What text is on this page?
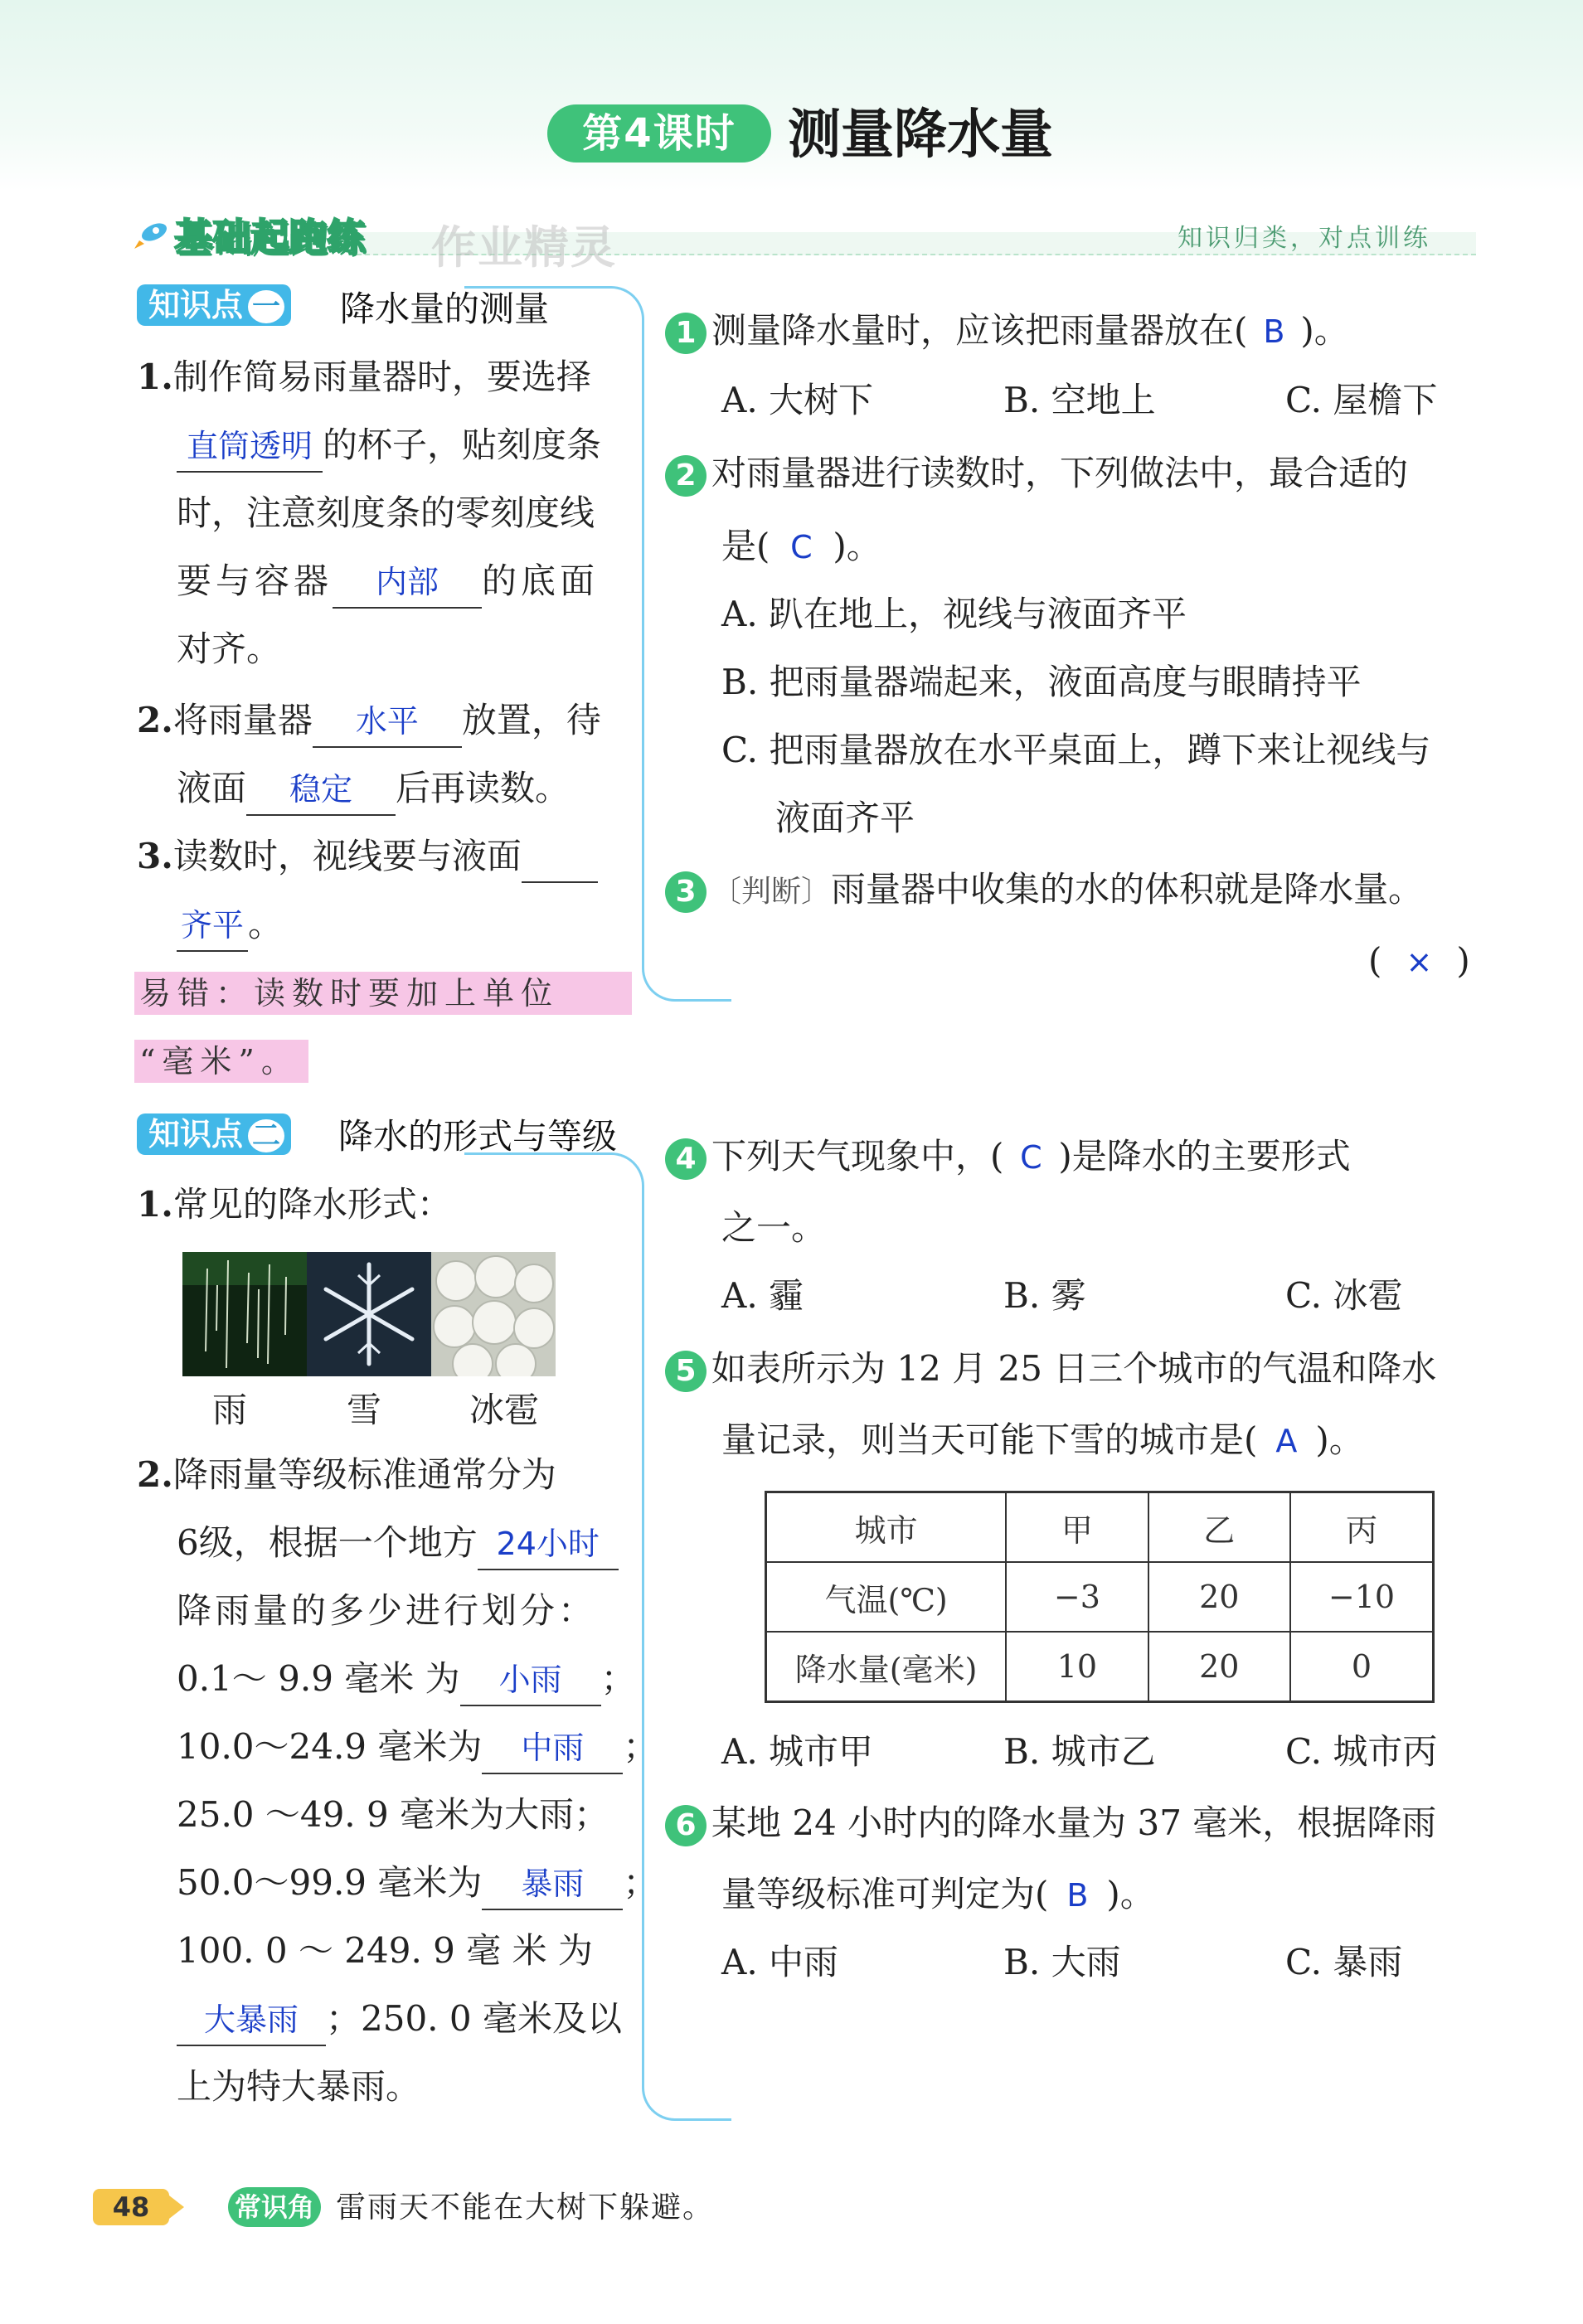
第4课时 测量降水量
基础起跑练 作业精灵	知识归类，对点训练
知识点 一	降水量的测量
1.制作简易雨量器时，要选择
直筒透明 的杯子，贴刻度条
时，注意刻度条的零刻度线
要与容器 内部 的底面
对齐。
2.将雨量器 水平 放置，待
液面 稳定 后再读数。
3.读数时，视线要与液面
齐平 。
易错：读数时要加上单位
“毫米”。
知识点 二	降水的形式与等级
1.常见的降水形式：
雨	雪	冰雹
2.降雨量等级标准通常分为
6级，根据一个地方 24小时
降雨量的多少进行划分：
0.1～ 9.9 毫米 为 小雨 ；
10.0～24.9 毫米为 中雨 ；
25.0 ～49. 9 毫米为大雨；
50.0～99.9 毫米为 暴雨 ；
100. 0 ～ 249. 9 毫 米 为
大暴雨 ；250. 0 毫米及以
上为特大暴雨。
1 测量降水量时，应该把雨量器放在( B )。
A. 大树下	B. 空地上	C. 屋檐下
2 对雨量器进行读数时，下列做法中，最合适的
是( C )。
A. 趴在地上，视线与液面齐平
B. 把雨量器端起来，液面高度与眼睛持平
C. 把雨量器放在水平桌面上，蹲下来让视线与
液面齐平
3 〔判断〕雨量器中收集的水的体积就是降水量。
( × )
4 下列天气现象中，( C )是降水的主要形式
之一。
A. 霾	B. 雾	C. 冰雹
5 如表所示为 12 月 25 日三个城市的气温和降水
量记录，则当天可能下雪的城市是( A )。
城市	甲	乙	丙
气温(℃)	−3	20	−10
降水量(毫米)	10	20	0
A. 城市甲	B. 城市乙	C. 城市丙
6 某地 24 小时内的降水量为 37 毫米，根据降雨
量等级标准可判定为( B )。
A. 中雨	B. 大雨	C. 暴雨
48	常识角 雷雨天不能在大树下躲避。
